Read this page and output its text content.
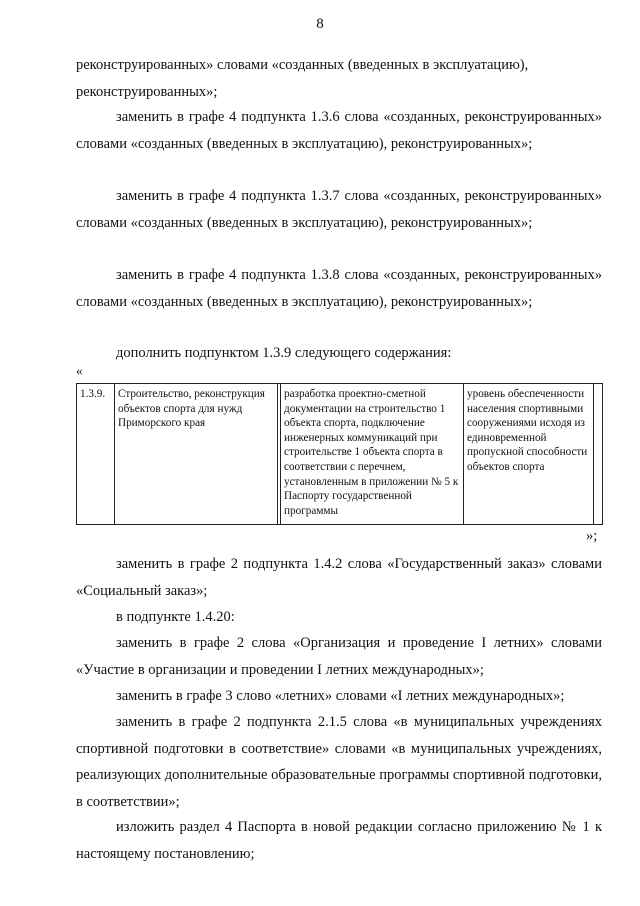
8
реконструированных» словами «созданных (введенных в эксплуатацию), реконструированных»;
заменить в графе 4 подпункта 1.3.6 слова «созданных, реконструированных» словами «созданных (введенных в эксплуатацию), реконструированных»;
заменить в графе 4 подпункта 1.3.7 слова «созданных, реконструированных» словами «созданных (введенных в эксплуатацию), реконструированных»;
заменить в графе 4 подпункта 1.3.8 слова «созданных, реконструированных» словами «созданных (введенных в эксплуатацию), реконструированных»;
дополнить подпунктом 1.3.9 следующего содержания:
«
1.3.9.	Строительство, реконструкция объектов спорта для нужд Приморского края		разработка проектно-сметной документации на строительство 1 объекта спорта, подключение инженерных коммуникаций при строительстве 1 объекта спорта в соответствии с перечнем, установленным в приложении № 5 к Паспорту государственной программы	уровень обеспеченности населения спортивными сооружениями исходя из единовременной пропускной способности объектов спорта	
»;
заменить в графе 2 подпункта 1.4.2 слова «Государственный заказ» словами «Социальный заказ»;
в подпункте 1.4.20:
заменить в графе 2 слова «Организация и проведение I летних» словами «Участие в организации и проведении I летних международных»;
заменить в графе 3 слово «летних» словами «I летних международных»;
заменить в графе 2 подпункта 2.1.5 слова «в муниципальных учреждениях спортивной подготовки в соответствие» словами «в муниципальных учреждениях, реализующих дополнительные образовательные программы спортивной подготовки, в соответствии»;
изложить раздел 4 Паспорта в новой редакции согласно приложению № 1 к настоящему постановлению;
